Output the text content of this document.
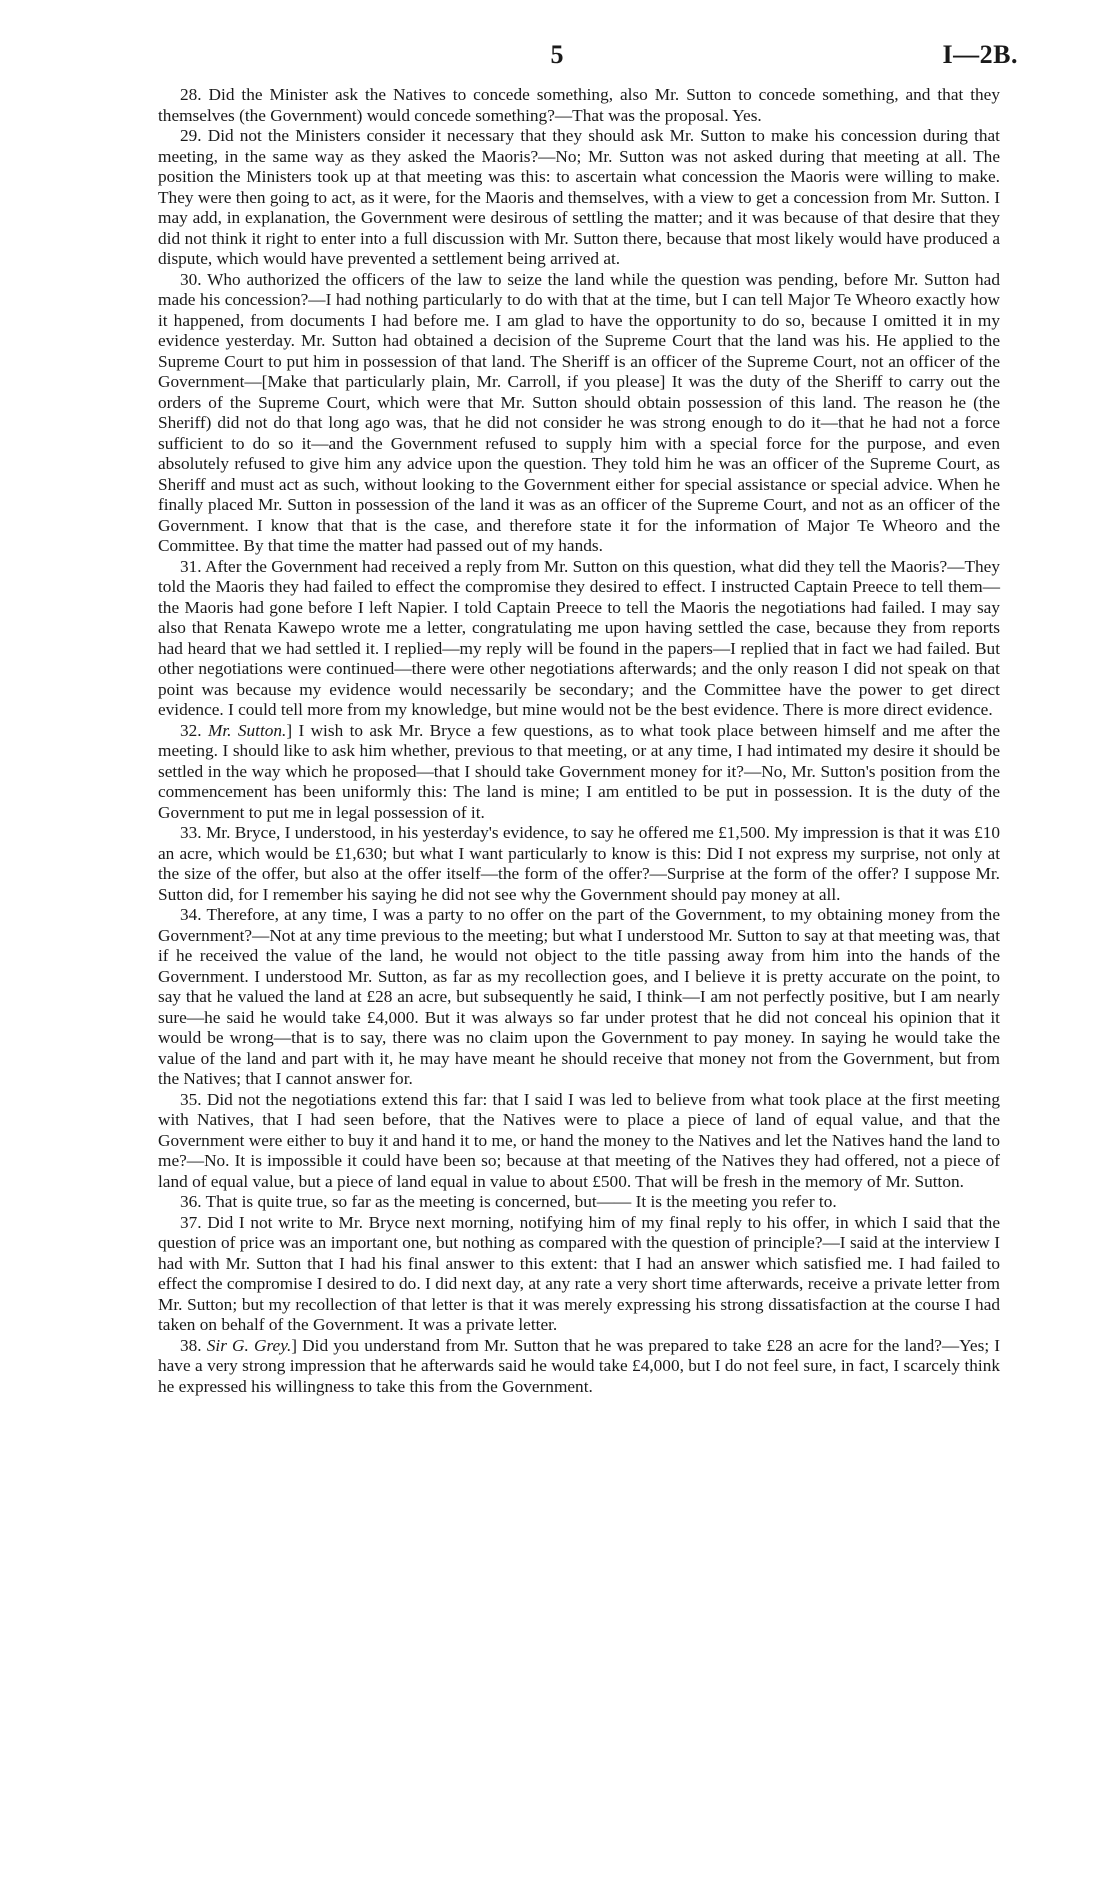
5	I—2B.

28. Did the Minister ask the Natives to concede something, also Mr. Sutton to concede something, and that they themselves (the Government) would concede something?—That was the proposal. Yes.

29. Did not the Ministers consider it necessary that they should ask Mr. Sutton to make his concession during that meeting, in the same way as they asked the Maoris?—No; Mr. Sutton was not asked during that meeting at all. The position the Ministers took up at that meeting was this: to ascertain what concession the Maoris were willing to make. They were then going to act, as it were, for the Maoris and themselves, with a view to get a concession from Mr. Sutton. I may add, in explanation, the Government were desirous of settling the matter; and it was because of that desire that they did not think it right to enter into a full discussion with Mr. Sutton there, because that most likely would have produced a dispute, which would have prevented a settlement being arrived at.

30. Who authorized the officers of the law to seize the land while the question was pending, before Mr. Sutton had made his concession?—I had nothing particularly to do with that at the time, but I can tell Major Te Wheoro exactly how it happened, from documents I had before me. I am glad to have the opportunity to do so, because I omitted it in my evidence yesterday. Mr. Sutton had obtained a decision of the Supreme Court that the land was his. He applied to the Supreme Court to put him in possession of that land. The Sheriff is an officer of the Supreme Court, not an officer of the Government—[Make that particularly plain, Mr. Carroll, if you please] It was the duty of the Sheriff to carry out the orders of the Supreme Court, which were that Mr. Sutton should obtain possession of this land. The reason he (the Sheriff) did not do that long ago was, that he did not consider he was strong enough to do it—that he had not a force sufficient to do so it—and the Government refused to supply him with a special force for the purpose, and even absolutely refused to give him any advice upon the question. They told him he was an officer of the Supreme Court, as Sheriff and must act as such, without looking to the Government either for special assistance or special advice. When he finally placed Mr. Sutton in possession of the land it was as an officer of the Supreme Court, and not as an officer of the Government. I know that that is the case, and therefore state it for the information of Major Te Wheoro and the Committee. By that time the matter had passed out of my hands.

31. After the Government had received a reply from Mr. Sutton on this question, what did they tell the Maoris?—They told the Maoris they had failed to effect the compromise they desired to effect. I instructed Captain Preece to tell them—the Maoris had gone before I left Napier. I told Captain Preece to tell the Maoris the negotiations had failed. I may say also that Renata Kawepo wrote me a letter, congratulating me upon having settled the case, because they from reports had heard that we had settled it. I replied—my reply will be found in the papers—I replied that in fact we had failed. But other negotiations were continued—there were other negotiations afterwards; and the only reason I did not speak on that point was because my evidence would necessarily be secondary; and the Committee have the power to get direct evidence. I could tell more from my knowledge, but mine would not be the best evidence. There is more direct evidence.

32. Mr. Sutton.] I wish to ask Mr. Bryce a few questions, as to what took place between himself and me after the meeting. I should like to ask him whether, previous to that meeting, or at any time, I had intimated my desire it should be settled in the way which he proposed—that I should take Government money for it?—No, Mr. Sutton's position from the commencement has been uniformly this: The land is mine; I am entitled to be put in possession. It is the duty of the Government to put me in legal possession of it.

33. Mr. Bryce, I understood, in his yesterday's evidence, to say he offered me £1,500. My impression is that it was £10 an acre, which would be £1,630; but what I want particularly to know is this: Did I not express my surprise, not only at the size of the offer, but also at the offer itself—the form of the offer?—Surprise at the form of the offer? I suppose Mr. Sutton did, for I remember his saying he did not see why the Government should pay money at all.

34. Therefore, at any time, I was a party to no offer on the part of the Government, to my obtaining money from the Government?—Not at any time previous to the meeting; but what I understood Mr. Sutton to say at that meeting was, that if he received the value of the land, he would not object to the title passing away from him into the hands of the Government. I understood Mr. Sutton, as far as my recollection goes, and I believe it is pretty accurate on the point, to say that he valued the land at £28 an acre, but subsequently he said, I think—I am not perfectly positive, but I am nearly sure—he said he would take £4,000. But it was always so far under protest that he did not conceal his opinion that it would be wrong—that is to say, there was no claim upon the Government to pay money. In saying he would take the value of the land and part with it, he may have meant he should receive that money not from the Government, but from the Natives; that I cannot answer for.

35. Did not the negotiations extend this far: that I said I was led to believe from what took place at the first meeting with Natives, that I had seen before, that the Natives were to place a piece of land of equal value, and that the Government were either to buy it and hand it to me, or hand the money to the Natives and let the Natives hand the land to me?—No. It is impossible it could have been so; because at that meeting of the Natives they had offered, not a piece of land of equal value, but a piece of land equal in value to about £500. That will be fresh in the memory of Mr. Sutton.

36. That is quite true, so far as the meeting is concerned, but—— It is the meeting you refer to.

37. Did I not write to Mr. Bryce next morning, notifying him of my final reply to his offer, in which I said that the question of price was an important one, but nothing as compared with the question of principle?—I said at the interview I had with Mr. Sutton that I had his final answer to this extent: that I had an answer which satisfied me. I had failed to effect the compromise I desired to do. I did next day, at any rate a very short time afterwards, receive a private letter from Mr. Sutton; but my recollection of that letter is that it was merely expressing his strong dissatisfaction at the course I had taken on behalf of the Government. It was a private letter.

38. Sir G. Grey.] Did you understand from Mr. Sutton that he was prepared to take £28 an acre for the land?—Yes; I have a very strong impression that he afterwards said he would take £4,000, but I do not feel sure, in fact, I scarcely think he expressed his willingness to take this from the Government.
